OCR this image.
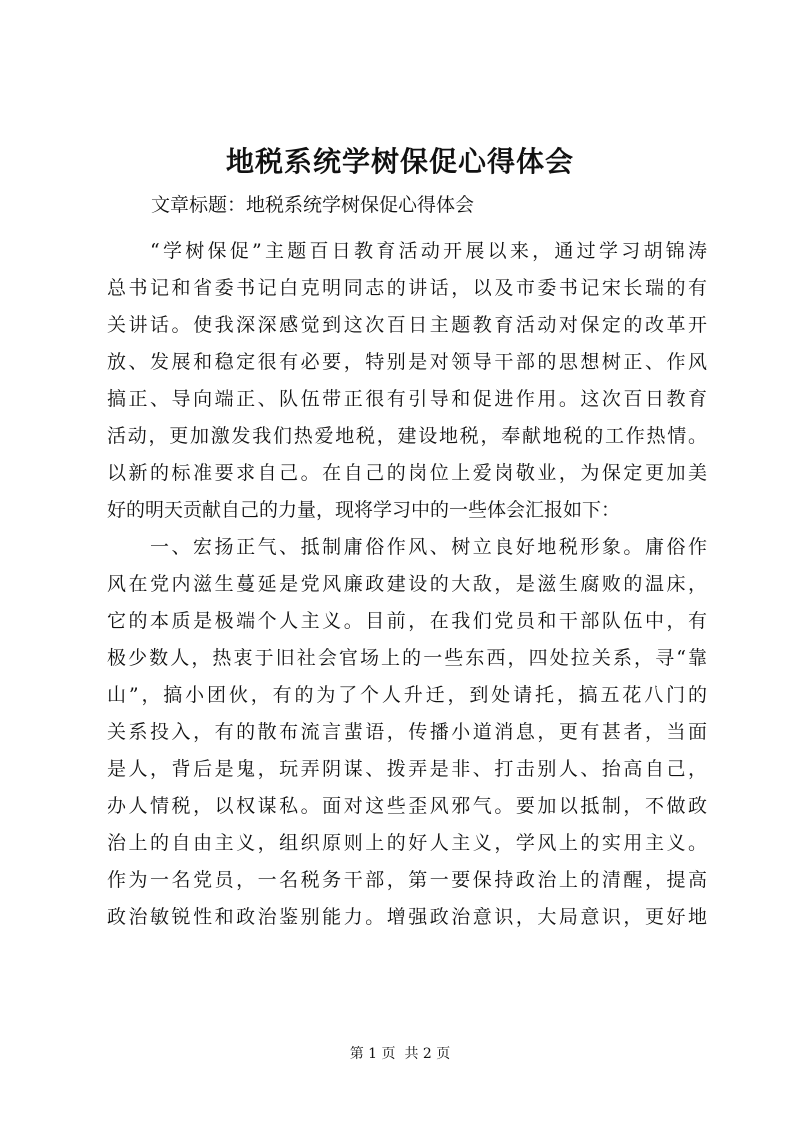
地税系统学树保促心得体会
文章标题：地税系统学树保促心得体会
“学树保促”主题百日教育活动开展以来，通过学习胡锦涛
总书记和省委书记白克明同志的讲话，以及市委书记宋长瑞的有
关讲话。使我深深感觉到这次百日主题教育活动对保定的改革开
放、发展和稳定很有必要，特别是对领导干部的思想树正、作风
搞正、导向端正、队伍带正很有引导和促进作用。这次百日教育
活动，更加激发我们热爱地税，建设地税，奉献地税的工作热情。
以新的标准要求自己。在自己的岗位上爱岗敬业，为保定更加美
好的明天贡献自己的力量，现将学习中的一些体会汇报如下：
一、宏扬正气、抵制庸俗作风、树立良好地税形象。庸俗作
风在党内滋生蔓延是党风廉政建设的大敌，是滋生腐败的温床，
它的本质是极端个人主义。目前，在我们党员和干部队伍中，有
极少数人，热衷于旧社会官场上的一些东西，四处拉关系，寻“靠
山”，搞小团伙，有的为了个人升迁，到处请托，搞五花八门的
关系投入，有的散布流言蜚语，传播小道消息，更有甚者，当面
是人，背后是鬼，玩弄阴谋、拨弄是非、打击别人、抬高自己，
办人情税，以权谋私。面对这些歪风邪气。要加以抵制，不做政
治上的自由主义，组织原则上的好人主义，学风上的实用主义。
作为一名党员，一名税务干部，第一要保持政治上的清醒，提高
政治敏锐性和政治鉴别能力。增强政治意识，大局意识，更好地
第 1 页  共 2 页
